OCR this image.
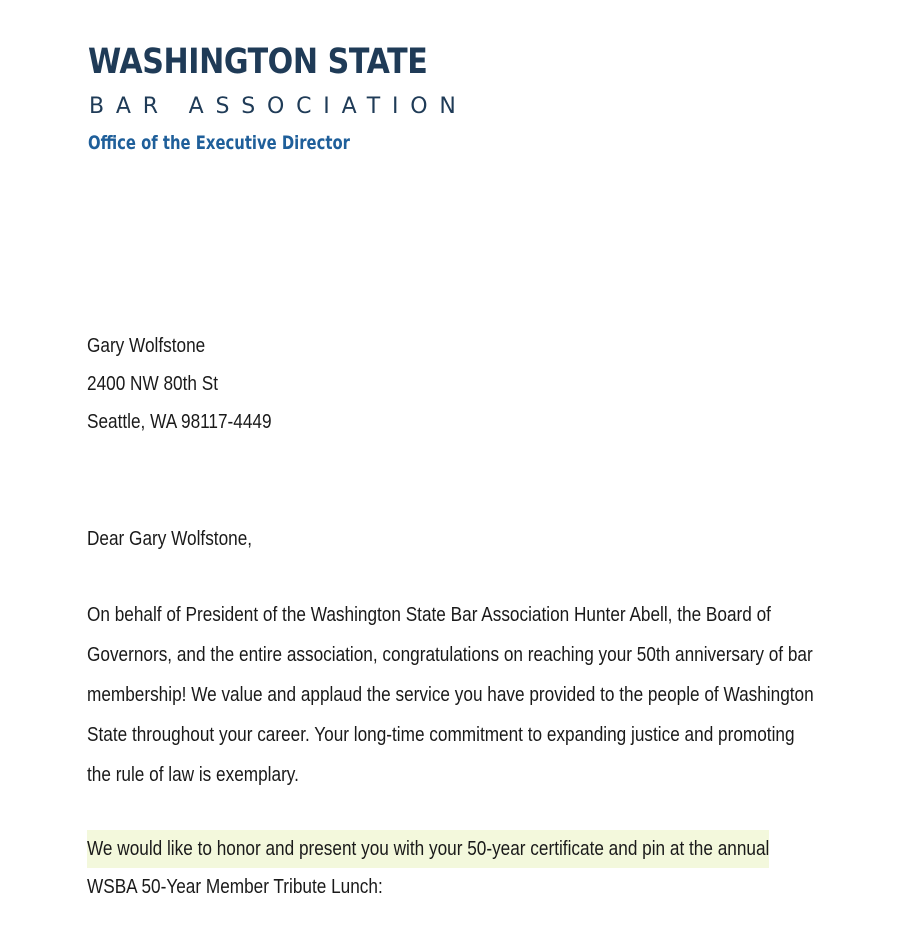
WASHINGTON STATE
BAR ASSOCIATION
Office of the Executive Director
Gary Wolfstone
2400 NW 80th St
Seattle, WA 98117-4449
Dear Gary Wolfstone,
On behalf of President of the Washington State Bar Association Hunter Abell, the Board of
Governors, and the entire association, congratulations on reaching your 50th anniversary of bar
membership! We value and applaud the service you have provided to the people of Washington
State throughout your career. Your long-time commitment to expanding justice and promoting
the rule of law is exemplary.
We would like to honor and present you with your 50-year certificate and pin at the annual
WSBA 50-Year Member Tribute Lunch:
